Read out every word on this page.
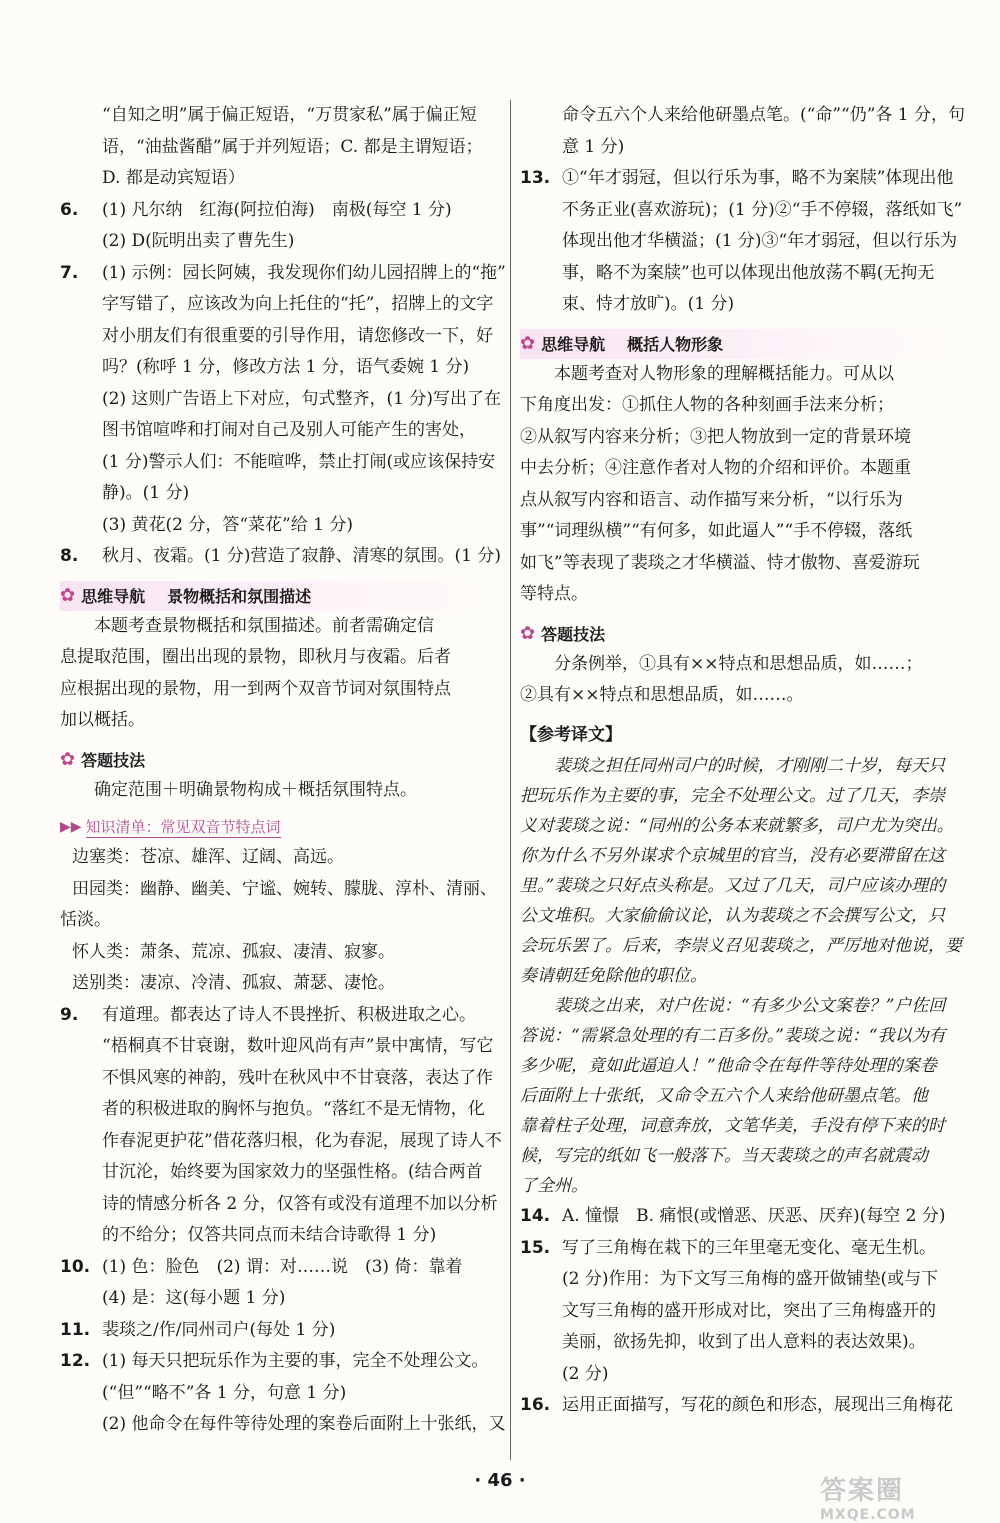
“自知之明”属于偏正短语，“万贯家私”属于偏正短
语，“油盐酱醋”属于并列短语；C. 都是主谓短语；
D. 都是动宾短语）
6. (1) 凡尔纳　红海(阿拉伯海)　南极(每空 1 分)
(2) D(阮明出卖了曹先生)
7. (1) 示例：园长阿姨，我发现你们幼儿园招牌上的“拖”
字写错了，应该改为向上托住的“托”，招牌上的文字
对小朋友们有很重要的引导作用，请您修改一下，好
吗？(称呼 1 分，修改方法 1 分，语气委婉 1 分)
(2) 这则广告语上下对应，句式整齐，(1 分)写出了在
图书馆喧哗和打闹对自己及别人可能产生的害处，
(1 分)警示人们：不能喧哗，禁止打闹(或应该保持安
静)。(1 分)
(3) 黄花(2 分，答“菜花”给 1 分)
8. 秋月、夜霜。(1 分)营造了寂静、清寒的氛围。(1 分)
✿ 思维导航 景物概括和氛围描述
本题考查景物概括和氛围描述。前者需确定信
息提取范围，圈出出现的景物，即秋月与夜霜。后者
应根据出现的景物，用一到两个双音节词对氛围特点
加以概括。
✿ 答题技法
确定范围＋明确景物构成＋概括氛围特点。
▶▶ 知识清单：常见双音节特点词
边塞类：苍凉、雄浑、辽阔、高远。
田园类：幽静、幽美、宁谧、婉转、朦胧、淳朴、清丽、
恬淡。
怀人类：萧条、荒凉、孤寂、凄清、寂寥。
送别类：凄凉、冷清、孤寂、萧瑟、凄怆。
9. 有道理。都表达了诗人不畏挫折、积极进取之心。
“梧桐真不甘衰谢，数叶迎风尚有声”景中寓情，写它
不惧风寒的神韵，残叶在秋风中不甘衰落，表达了作
者的积极进取的胸怀与抱负。“落红不是无情物，化
作春泥更护花”借花落归根，化为春泥，展现了诗人不
甘沉沦，始终要为国家效力的坚强性格。(结合两首
诗的情感分析各 2 分，仅答有或没有道理不加以分析
的不给分；仅答共同点而未结合诗歌得 1 分)
10. (1) 色：脸色　(2) 谓：对……说　(3) 倚：靠着
(4) 是：这(每小题 1 分)
11. 裴琰之/作/同州司户(每处 1 分)
12. (1) 每天只把玩乐作为主要的事，完全不处理公文。
(“但”“略不”各 1 分，句意 1 分)
(2) 他命令在每件等待处理的案卷后面附上十张纸，又
命令五六个人来给他研墨点笔。(“命”“仍”各 1 分，句
意 1 分)
13. ①“年才弱冠，但以行乐为事，略不为案牍”体现出他
不务正业(喜欢游玩)；(1 分)②“手不停辍，落纸如飞”
体现出他才华横溢；(1 分)③“年才弱冠，但以行乐为
事，略不为案牍”也可以体现出他放荡不羁(无拘无
束、恃才放旷)。(1 分)
✿ 思维导航 概括人物形象
本题考查对人物形象的理解概括能力。可从以
下角度出发：①抓住人物的各种刻画手法来分析；
②从叙写内容来分析；③把人物放到一定的背景环境
中去分析；④注意作者对人物的介绍和评价。本题重
点从叙写内容和语言、动作描写来分析，“以行乐为
事”“词理纵横”“有何多，如此逼人”“手不停辍，落纸
如飞”等表现了裴琰之才华横溢、恃才傲物、喜爱游玩
等特点。
✿ 答题技法
分条例举，①具有××特点和思想品质，如……；
②具有××特点和思想品质，如……。
【参考译文】
裴琰之担任同州司户的时候，才刚刚二十岁，每天只
把玩乐作为主要的事，完全不处理公文。过了几天，李崇
义对裴琰之说：“同州的公务本来就繁多，司户尤为突出。
你为什么不另外谋求个京城里的官当，没有必要滞留在这
里。”裴琰之只好点头称是。又过了几天，司户应该办理的
公文堆积。大家偷偷议论，认为裴琰之不会撰写公文，只
会玩乐罢了。后来，李崇义召见裴琰之，严厉地对他说，要
奏请朝廷免除他的职位。
裴琰之出来，对户佐说：“有多少公文案卷？”户佐回
答说：“需紧急处理的有二百多份。”裴琰之说：“我以为有
多少呢，竟如此逼迫人！”他命令在每件等待处理的案卷
后面附上十张纸，又命令五六个人来给他研墨点笔。他
靠着柱子处理，词意奔放，文笔华美，手没有停下来的时
候，写完的纸如飞一般落下。当天裴琰之的声名就震动
了全州。
14. A. 憧憬　B. 痛恨(或憎恶、厌恶、厌弃)(每空 2 分)
15. 写了三角梅在栽下的三年里毫无变化、毫无生机。
(2 分)作用：为下文写三角梅的盛开做铺垫(或与下
文写三角梅的盛开形成对比，突出了三角梅盛开的
美丽，欲扬先抑，收到了出人意料的表达效果)。
(2 分)
16. 运用正面描写，写花的颜色和形态，展现出三角梅花
· 46 ·	答案圈
MXQE.COM
